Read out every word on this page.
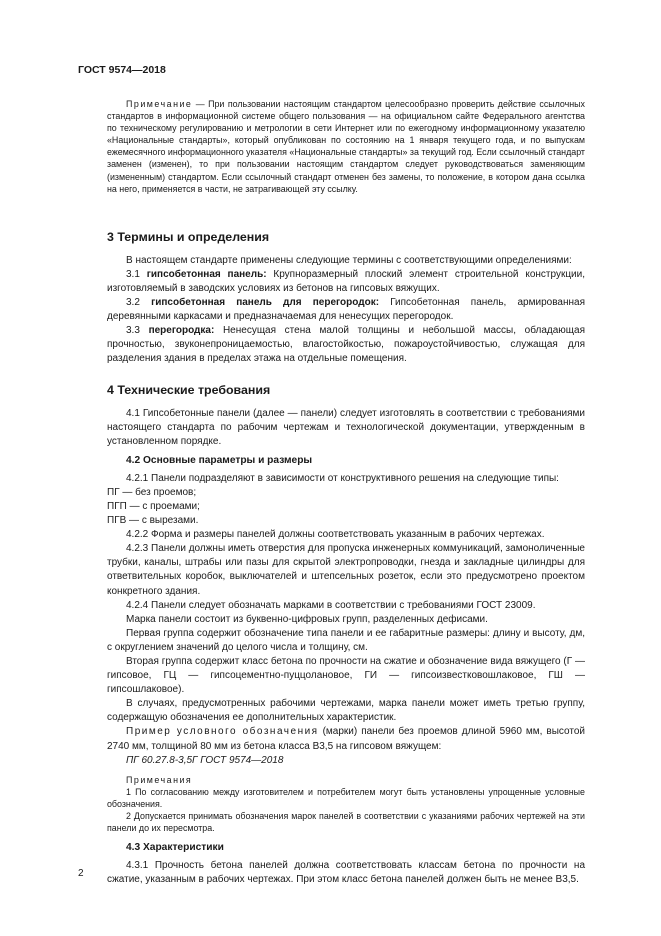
ГОСТ 9574—2018

Примечание — При пользовании настоящим стандартом целесообразно проверить действие ссылочных стандартов в информационной системе общего пользования — на официальном сайте Федерального агентства по техническому регулированию и метрологии в сети Интернет или по ежегодному информационному указателю «Национальные стандарты», который опубликован по состоянию на 1 января текущего года, и по выпускам ежемесячного информационного указателя «Национальные стандарты» за текущий год. Если ссылочный стандарт заменен (изменен), то при пользовании настоящим стандартом следует руководствоваться заменяющим (измененным) стандартом. Если ссылочный стандарт отменен без замены, то положение, в котором дана ссылка на него, применяется в части, не затрагивающей эту ссылку.

3 Термины и определения

В настоящем стандарте применены следующие термины с соответствующими определениями:

3.1 гипсобетонная панель: Крупноразмерный плоский элемент строительной конструкции, изготовляемый в заводских условиях из бетонов на гипсовых вяжущих.

3.2 гипсобетонная панель для перегородок: Гипсобетонная панель, армированная деревянными каркасами и предназначаемая для ненесущих перегородок.

3.3 перегородка: Ненесущая стена малой толщины и небольшой массы, обладающая прочностью, звуконепроницаемостью, влагостойкостью, пожароустойчивостью, служащая для разделения здания в пределах этажа на отдельные помещения.

4 Технические требования

4.1 Гипсобетонные панели (далее — панели) следует изготовлять в соответствии с требованиями настоящего стандарта по рабочим чертежам и технологической документации, утвержденным в установленном порядке.

4.2 Основные параметры и размеры

4.2.1 Панели подразделяют в зависимости от конструктивного решения на следующие типы:

ПГ — без проемов;

ПГП — с проемами;

ПГВ — с вырезами.

4.2.2 Форма и размеры панелей должны соответствовать указанным в рабочих чертежах.

4.2.3 Панели должны иметь отверстия для пропуска инженерных коммуникаций, замоноличенные трубки, каналы, штрабы или пазы для скрытой электропроводки, гнезда и закладные цилиндры для ответвительных коробок, выключателей и штепсельных розеток, если это предусмотрено проектом конкретного здания.

4.2.4 Панели следует обозначать марками в соответствии с требованиями ГОСТ 23009.

Марка панели состоит из буквенно-цифровых групп, разделенных дефисами.

Первая группа содержит обозначение типа панели и ее габаритные размеры: длину и высоту, дм, с округлением значений до целого числа и толщину, см.

Вторая группа содержит класс бетона по прочности на сжатие и обозначение вида вяжущего (Г — гипсовое, ГЦ — гипсоцементно-пуццолановое, ГИ — гипсоизвестковошлаковое, ГШ — гипсошлаковое).

В случаях, предусмотренных рабочими чертежами, марка панели может иметь третью группу, содержащую обозначения ее дополнительных характеристик.

Пример условного обозначения (марки) панели без проемов длиной 5960 мм, высотой 2740 мм, толщиной 80 мм из бетона класса В3,5 на гипсовом вяжущем:

ПГ 60.27.8-3,5Г ГОСТ 9574—2018

Примечания

1 По согласованию между изготовителем и потребителем могут быть установлены упрощенные условные обозначения.

2 Допускается принимать обозначения марок панелей в соответствии с указаниями рабочих чертежей на эти панели до их пересмотра.

4.3 Характеристики

4.3.1 Прочность бетона панелей должна соответствовать классам бетона по прочности на сжатие, указанным в рабочих чертежах. При этом класс бетона панелей должен быть не менее В3,5.

2
